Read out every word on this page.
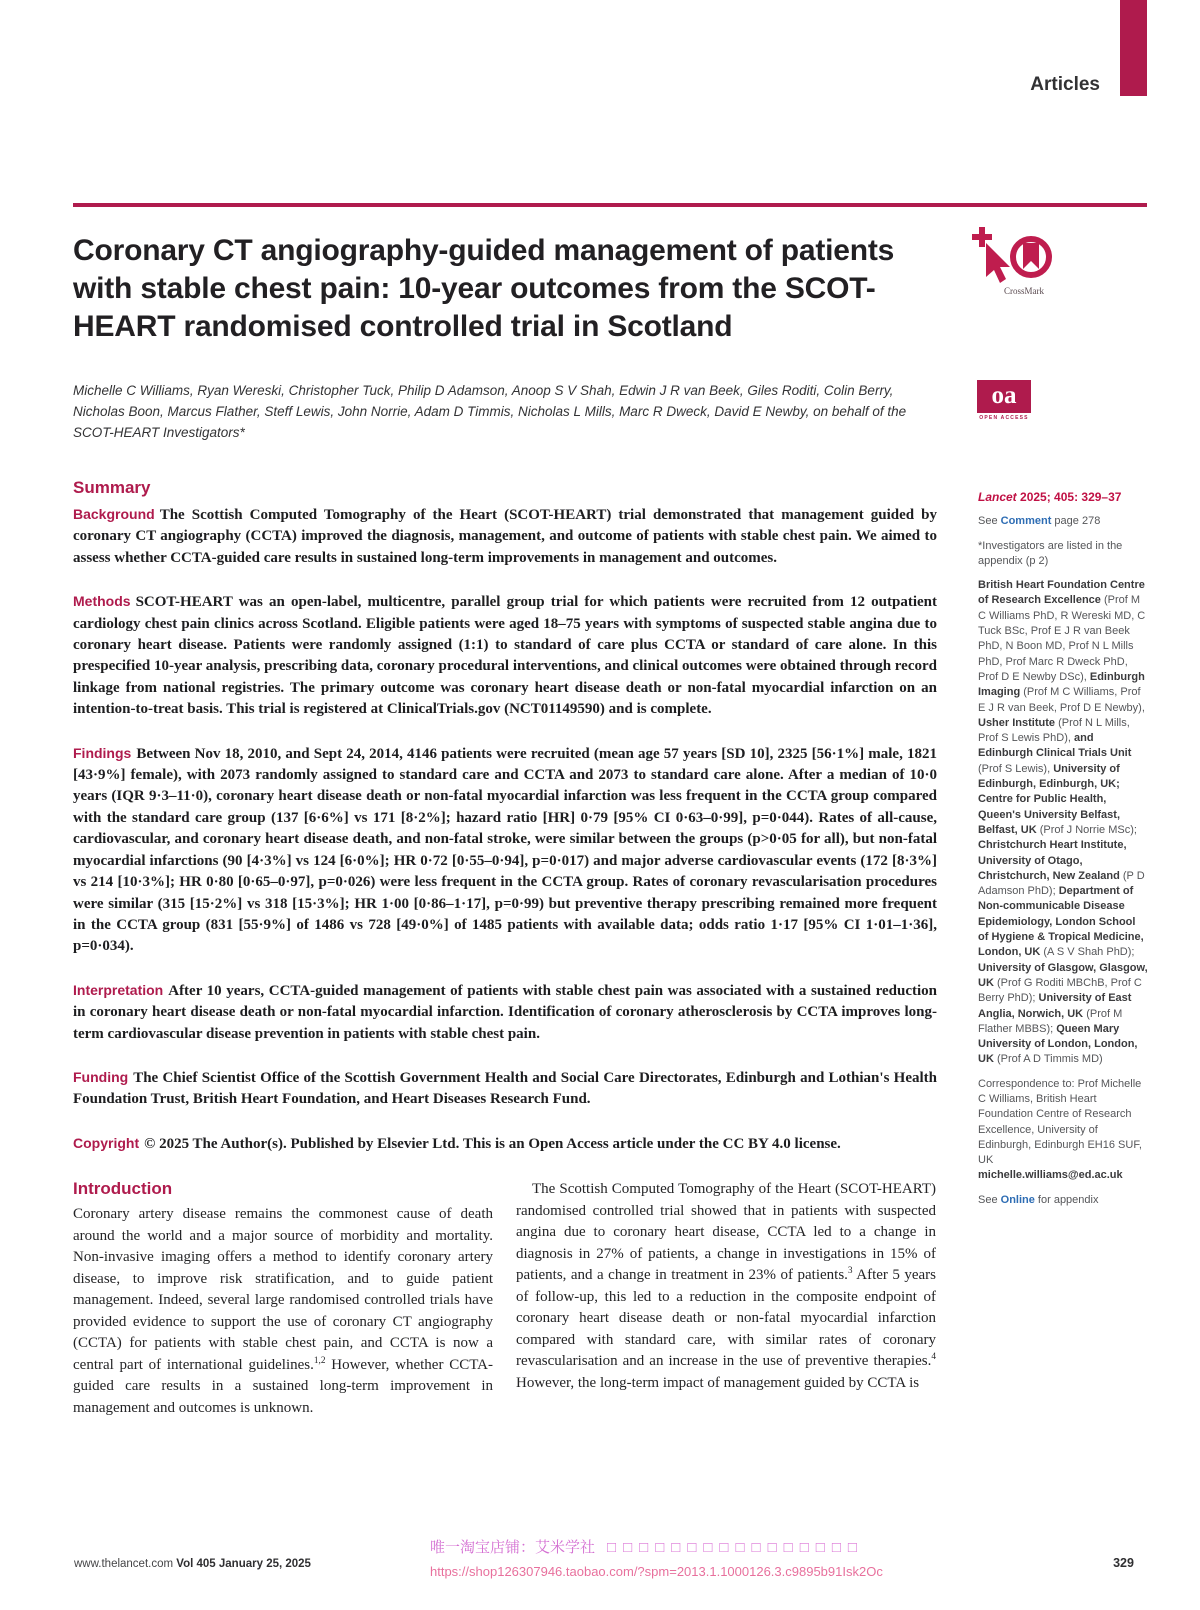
Articles
Coronary CT angiography-guided management of patients
with stable chest pain: 10-year outcomes from the SCOT-
HEART randomised controlled trial in Scotland
Michelle C Williams, Ryan Wereski, Christopher Tuck, Philip D Adamson, Anoop S V Shah, Edwin J R van Beek, Giles Roditi, Colin Berry,
Nicholas Boon, Marcus Flather, Steff Lewis, John Norrie, Adam D Timmis, Nicholas L Mills, Marc R Dweck, David E Newby, on behalf of the
SCOT-HEART Investigators*
CrossMark
oa
OPEN ACCESS
Summary

Background The Scottish Computed Tomography of the Heart (SCOT-HEART) trial demonstrated that management guided by coronary CT angiography (CCTA) improved the diagnosis, management, and outcome of patients with stable chest pain. We aimed to assess whether CCTA-guided care results in sustained long-term improvements in management and outcomes.

Methods SCOT-HEART was an open-label, multicentre, parallel group trial for which patients were recruited from 12 outpatient cardiology chest pain clinics across Scotland. Eligible patients were aged 18–75 years with symptoms of suspected stable angina due to coronary heart disease. Patients were randomly assigned (1:1) to standard of care plus CCTA or standard of care alone. In this prespecified 10-year analysis, prescribing data, coronary procedural interventions, and clinical outcomes were obtained through record linkage from national registries. The primary outcome was coronary heart disease death or non-fatal myocardial infarction on an intention-to-treat basis. This trial is registered at ClinicalTrials.gov (NCT01149590) and is complete.

Findings Between Nov 18, 2010, and Sept 24, 2014, 4146 patients were recruited (mean age 57 years [SD 10], 2325 [56·1%] male, 1821 [43·9%] female), with 2073 randomly assigned to standard care and CCTA and 2073 to standard care alone. After a median of 10·0 years (IQR 9·3–11·0), coronary heart disease death or non-fatal myocardial infarction was less frequent in the CCTA group compared with the standard care group (137 [6·6%] vs 171 [8·2%]; hazard ratio [HR] 0·79 [95% CI 0·63–0·99], p=0·044). Rates of all-cause, cardiovascular, and coronary heart disease death, and non-fatal stroke, were similar between the groups (p>0·05 for all), but non-fatal myocardial infarctions (90 [4·3%] vs 124 [6·0%]; HR 0·72 [0·55–0·94], p=0·017) and major adverse cardiovascular events (172 [8·3%] vs 214 [10·3%]; HR 0·80 [0·65–0·97], p=0·026) were less frequent in the CCTA group. Rates of coronary revascularisation procedures were similar (315 [15·2%] vs 318 [15·3%]; HR 1·00 [0·86–1·17], p=0·99) but preventive therapy prescribing remained more frequent in the CCTA group (831 [55·9%] of 1486 vs 728 [49·0%] of 1485 patients with available data; odds ratio 1·17 [95% CI 1·01–1·36], p=0·034).

Interpretation After 10 years, CCTA-guided management of patients with stable chest pain was associated with a sustained reduction in coronary heart disease death or non-fatal myocardial infarction. Identification of coronary atherosclerosis by CCTA improves long-term cardiovascular disease prevention in patients with stable chest pain.

Funding The Chief Scientist Office of the Scottish Government Health and Social Care Directorates, Edinburgh and Lothian's Health Foundation Trust, British Heart Foundation, and Heart Diseases Research Fund.

Copyright © 2025 The Author(s). Published by Elsevier Ltd. This is an Open Access article under the CC BY 4.0 license.

Introduction

Coronary artery disease remains the commonest cause of death around the world and a major source of morbidity and mortality. Non-invasive imaging offers a method to identify coronary artery disease, to improve risk stratification, and to guide patient management. Indeed, several large randomised controlled trials have provided evidence to support the use of coronary CT angiography (CCTA) for patients with stable chest pain, and CCTA is now a central part of international guidelines.$^{1,2}$ However, whether CCTA-guided care results in a sustained long-term improvement in management and outcomes is unknown.

The Scottish Computed Tomography of the Heart (SCOT-HEART) randomised controlled trial showed that in patients with suspected angina due to coronary heart disease, CCTA led to a change in diagnosis in 27% of patients, a change in investigations in 15% of patients, and a change in treatment in 23% of patients.$^3$ After 5 years of follow-up, this led to a reduction in the composite endpoint of coronary heart disease death or non-fatal myocardial infarction compared with standard care, with similar rates of coronary revascularisation and an increase in the use of preventive therapies.$^4$ However, the long-term impact of management guided by CCTA is

Lancet 2025; 405: 329–37

See Comment page 278

*Investigators are listed in the appendix (p 2)

British Heart Foundation Centre of Research Excellence (Prof M C Williams PhD, R Wereski MD, C Tuck BSc, Prof E J R van Beek PhD, N Boon MD, Prof N L Mills PhD, Prof Marc R Dweck PhD, Prof D E Newby DSc), Edinburgh Imaging (Prof M C Williams, Prof E J R van Beek, Prof D E Newby), Usher Institute (Prof N L Mills, Prof S Lewis PhD), and Edinburgh Clinical Trials Unit (Prof S Lewis), University of Edinburgh, Edinburgh, UK; Centre for Public Health, Queen's University Belfast, Belfast, UK (Prof J Norrie MSc); Christchurch Heart Institute, University of Otago, Christchurch, New Zealand (P D Adamson PhD); Department of Non-communicable Disease Epidemiology, London School of Hygiene & Tropical Medicine, London, UK (A S V Shah PhD); University of Glasgow, Glasgow, UK (Prof G Roditi MBChB, Prof C Berry PhD); University of East Anglia, Norwich, UK (Prof M Flather MBBS); Queen Mary University of London, London, UK (Prof A D Timmis MD)

Correspondence to: Prof Michelle C Williams, British Heart Foundation Centre of Research Excellence, University of Edinburgh, Edinburgh EH16 SUF, UK

michelle.williams@ed.ac.uk

See Online for appendix

唯一淘宝店铺：艾米学社 □□□□□□□□□□□□□□□□
https://shop126307946.taobao.com/?spm=2013.1.1000126.3.c9895b91Isk2Oc
www.thelancet.com Vol 405 January 25, 2025	329
